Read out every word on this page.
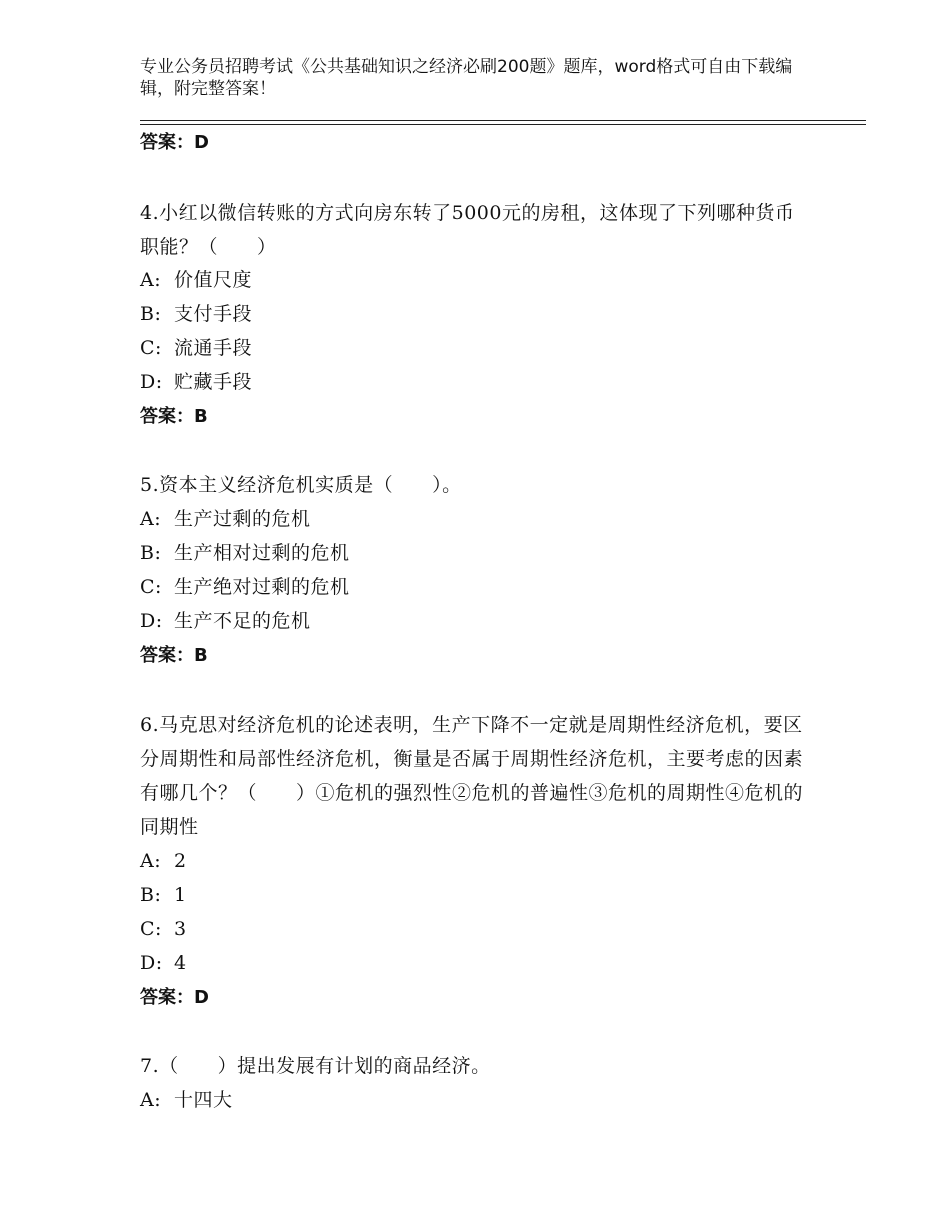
专业公务员招聘考试《公共基础知识之经济必刷200题》题库，word格式可自由下载编辑，附完整答案！
答案：D
4.小红以微信转账的方式向房东转了5000元的房租，这体现了下列哪种货币职能？（　　）
A: 价值尺度
B: 支付手段
C: 流通手段
D: 贮藏手段
答案：B
5.资本主义经济危机实质是（　　）。
A: 生产过剩的危机
B: 生产相对过剩的危机
C: 生产绝对过剩的危机
D: 生产不足的危机
答案：B
6.马克思对经济危机的论述表明，生产下降不一定就是周期性经济危机，要区分周期性和局部性经济危机，衡量是否属于周期性经济危机，主要考虑的因素有哪几个？（　　）①危机的强烈性②危机的普遍性③危机的周期性④危机的同期性
A: 2
B: 1
C: 3
D: 4
答案：D
7.（　　）提出发展有计划的商品经济。
A: 十四大
